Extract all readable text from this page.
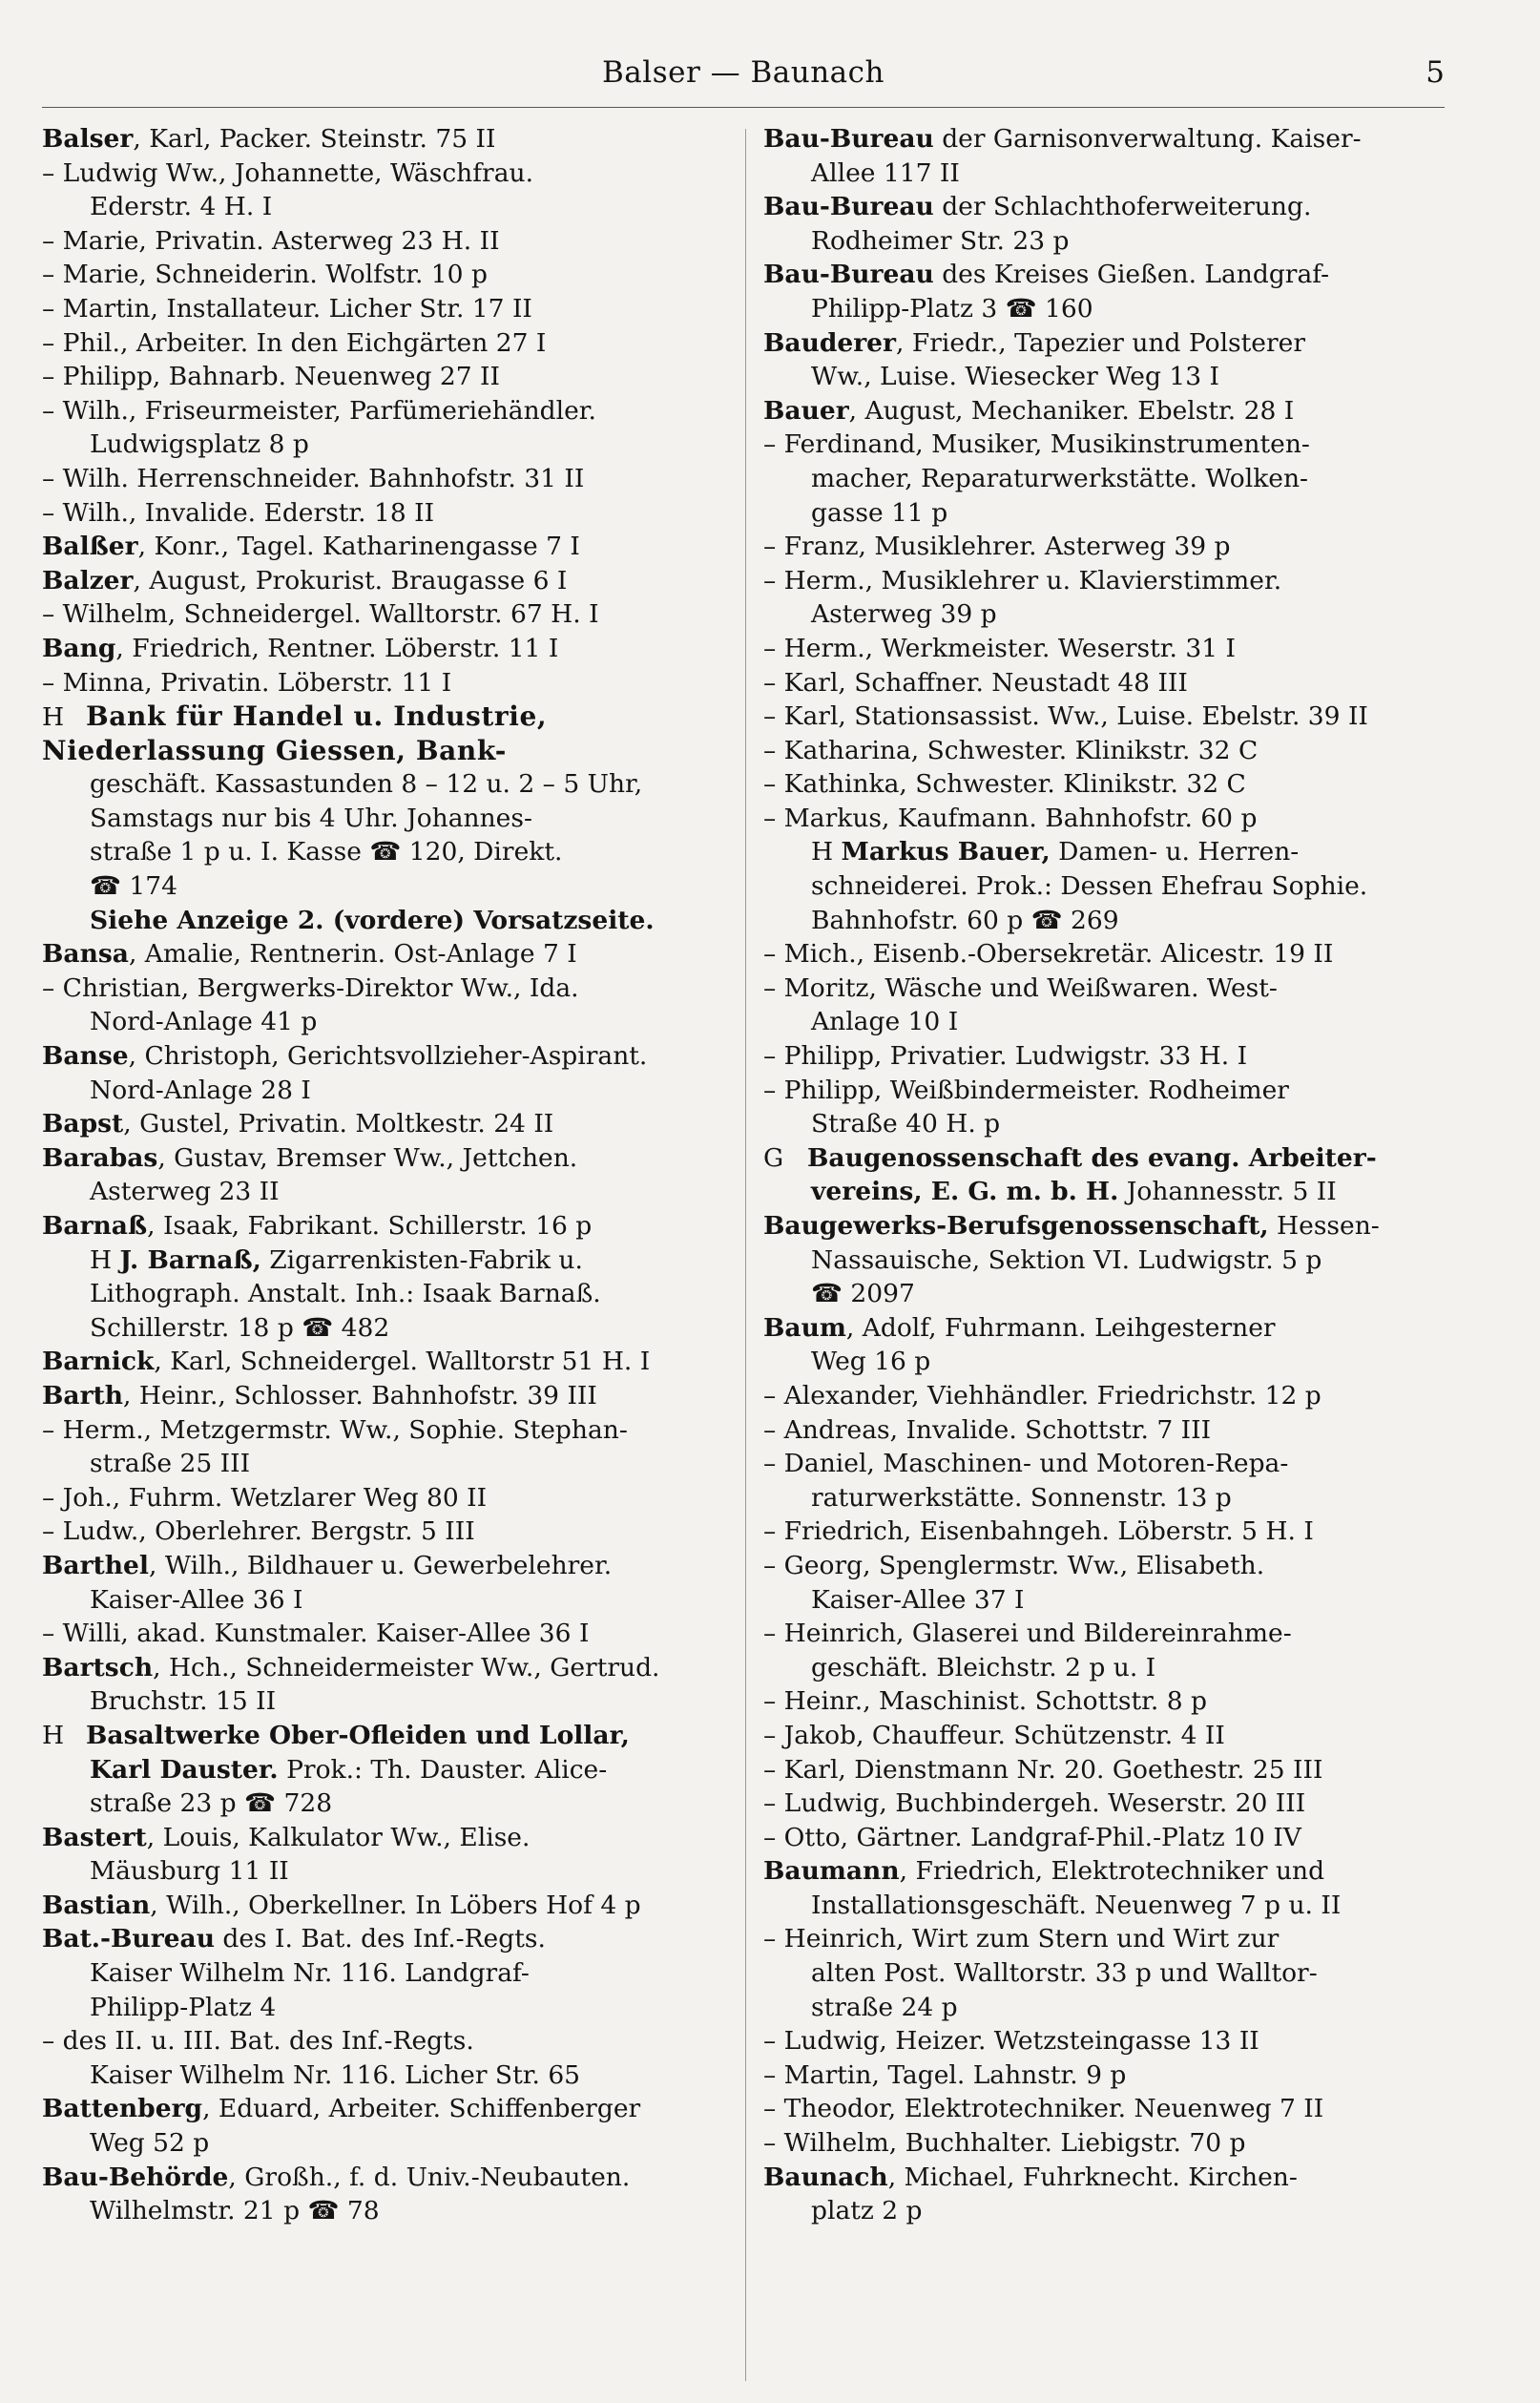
Balser — Baunach	5
Balser, Karl, Packer. Steinstr. 75 II
– Ludwig Ww., Johannette, Wäschfrau.
Ederstr. 4 H. I
– Marie, Privatin. Asterweg 23 H. II
– Marie, Schneiderin. Wolfstr. 10 p
– Martin, Installateur. Licher Str. 17 II
– Phil., Arbeiter. In den Eichgärten 27 I
– Philipp, Bahnarb. Neuenweg 27 II
– Wilh., Friseurmeister, Parfümeriehändler.
Ludwigsplatz 8 p
– Wilh. Herrenschneider. Bahnhofstr. 31 II
– Wilh., Invalide. Ederstr. 18 II
Balßer, Konr., Tagel. Katharinengasse 7 I
Balzer, August, Prokurist. Braugasse 6 I
– Wilhelm, Schneidergel. Walltorstr. 67 H. I
Bang, Friedrich, Rentner. Löberstr. 11 I
– Minna, Privatin. Löberstr. 11 I
H Bank für Handel u. Industrie,
Niederlassung Giessen, Bank-
geschäft. Kassastunden 8 – 12 u. 2 – 5 Uhr,
Samstags nur bis 4 Uhr. Johannes-
straße 1 p u. I. Kasse ☎ 120, Direkt.
☎ 174
Siehe Anzeige 2. (vordere) Vorsatzseite.
Bansa, Amalie, Rentnerin. Ost-Anlage 7 I
– Christian, Bergwerks-Direktor Ww., Ida.
Nord-Anlage 41 p
Banse, Christoph, Gerichtsvollzieher-Aspirant.
Nord-Anlage 28 I
Bapst, Gustel, Privatin. Moltkestr. 24 II
Barabas, Gustav, Bremser Ww., Jettchen.
Asterweg 23 II
Barnaß, Isaak, Fabrikant. Schillerstr. 16 p
H J. Barnaß, Zigarrenkisten-Fabrik u.
Lithograph. Anstalt. Inh.: Isaak Barnaß.
Schillerstr. 18 p ☎ 482
Barnick, Karl, Schneidergel. Walltorstr 51 H. I
Barth, Heinr., Schlosser. Bahnhofstr. 39 III
– Herm., Metzgermstr. Ww., Sophie. Stephan-
straße 25 III
– Joh., Fuhrm. Wetzlarer Weg 80 II
– Ludw., Oberlehrer. Bergstr. 5 III
Barthel, Wilh., Bildhauer u. Gewerbelehrer.
Kaiser-Allee 36 I
– Willi, akad. Kunstmaler. Kaiser-Allee 36 I
Bartsch, Hch., Schneidermeister Ww., Gertrud.
Bruchstr. 15 II
H Basaltwerke Ober-Ofleiden und Lollar,
Karl Dauster. Prok.: Th. Dauster. Alice-
straße 23 p ☎ 728
Bastert, Louis, Kalkulator Ww., Elise.
Mäusburg 11 II
Bastian, Wilh., Oberkellner. In Löbers Hof 4 p
Bat.-Bureau des I. Bat. des Inf.-Regts.
Kaiser Wilhelm Nr. 116. Landgraf-
Philipp-Platz 4
– des II. u. III. Bat. des Inf.-Regts.
Kaiser Wilhelm Nr. 116. Licher Str. 65
Battenberg, Eduard, Arbeiter. Schiffenberger
Weg 52 p
Bau-Behörde, Großh., f. d. Univ.-Neubauten.
Wilhelmstr. 21 p ☎ 78
Bau-Bureau der Garnisonverwaltung. Kaiser-
Allee 117 II
Bau-Bureau der Schlachthoferweiterung.
Rodheimer Str. 23 p
Bau-Bureau des Kreises Gießen. Landgraf-
Philipp-Platz 3 ☎ 160
Bauderer, Friedr., Tapezier und Polsterer
Ww., Luise. Wiesecker Weg 13 I
Bauer, August, Mechaniker. Ebelstr. 28 I
– Ferdinand, Musiker, Musikinstrumenten-
macher, Reparaturwerkstätte. Wolken-
gasse 11 p
– Franz, Musiklehrer. Asterweg 39 p
– Herm., Musiklehrer u. Klavierstimmer.
Asterweg 39 p
– Herm., Werkmeister. Weserstr. 31 I
– Karl, Schaffner. Neustadt 48 III
– Karl, Stationsassist. Ww., Luise. Ebelstr. 39 II
– Katharina, Schwester. Klinikstr. 32 C
– Kathinka, Schwester. Klinikstr. 32 C
– Markus, Kaufmann. Bahnhofstr. 60 p
H Markus Bauer, Damen- u. Herren-
schneiderei. Prok.: Dessen Ehefrau Sophie.
Bahnhofstr. 60 p ☎ 269
– Mich., Eisenb.-Obersekretär. Alicestr. 19 II
– Moritz, Wäsche und Weißwaren. West-
Anlage 10 I
– Philipp, Privatier. Ludwigstr. 33 H. I
– Philipp, Weißbindermeister. Rodheimer
Straße 40 H. p
G Baugenossenschaft des evang. Arbeiter-
vereins, E. G. m. b. H. Johannesstr. 5 II
Baugewerks-Berufsgenossenschaft, Hessen-
Nassauische, Sektion VI. Ludwigstr. 5 p
☎ 2097
Baum, Adolf, Fuhrmann. Leihgesterner
Weg 16 p
– Alexander, Viehhändler. Friedrichstr. 12 p
– Andreas, Invalide. Schottstr. 7 III
– Daniel, Maschinen- und Motoren-Repa-
raturwerkstätte. Sonnenstr. 13 p
– Friedrich, Eisenbahngeh. Löberstr. 5 H. I
– Georg, Spenglermstr. Ww., Elisabeth.
Kaiser-Allee 37 I
– Heinrich, Glaserei und Bildereinrahme-
geschäft. Bleichstr. 2 p u. I
– Heinr., Maschinist. Schottstr. 8 p
– Jakob, Chauffeur. Schützenstr. 4 II
– Karl, Dienstmann Nr. 20. Goethestr. 25 III
– Ludwig, Buchbindergeh. Weserstr. 20 III
– Otto, Gärtner. Landgraf-Phil.-Platz 10 IV
Baumann, Friedrich, Elektrotechniker und
Installationsgeschäft. Neuenweg 7 p u. II
– Heinrich, Wirt zum Stern und Wirt zur
alten Post. Walltorstr. 33 p und Walltor-
straße 24 p
– Ludwig, Heizer. Wetzsteingasse 13 II
– Martin, Tagel. Lahnstr. 9 p
– Theodor, Elektrotechniker. Neuenweg 7 II
– Wilhelm, Buchhalter. Liebigstr. 70 p
Baunach, Michael, Fuhrknecht. Kirchen-
platz 2 p
